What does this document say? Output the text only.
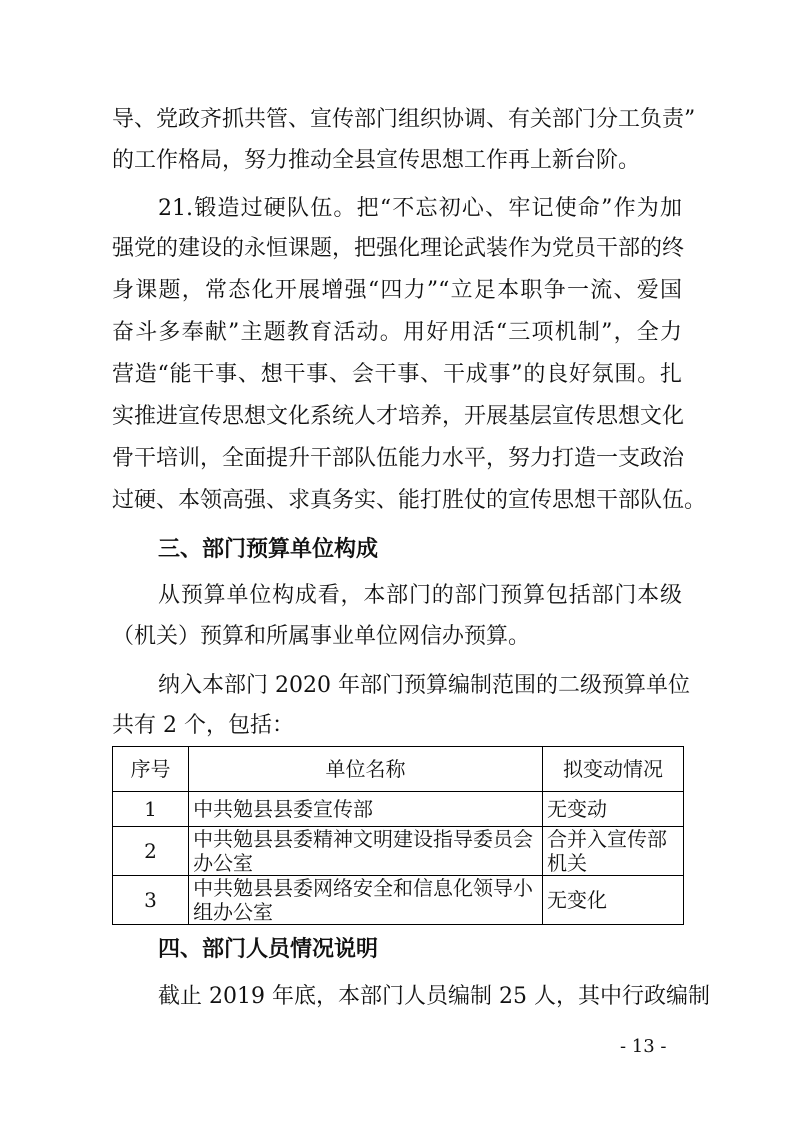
导、党政齐抓共管、宣传部门组织协调、有关部门分工负责”
的工作格局，努力推动全县宣传思想工作再上新台阶。
21.锻造过硬队伍。把“不忘初心、牢记使命”作为加
强党的建设的永恒课题，把强化理论武装作为党员干部的终
身课题，常态化开展增强“四力”“立足本职争一流、爱国
奋斗多奉献”主题教育活动。用好用活“三项机制”，全力
营造“能干事、想干事、会干事、干成事”的良好氛围。扎
实推进宣传思想文化系统人才培养，开展基层宣传思想文化
骨干培训，全面提升干部队伍能力水平，努力打造一支政治
过硬、本领高强、求真务实、能打胜仗的宣传思想干部队伍。
三、部门预算单位构成
从预算单位构成看，本部门的部门预算包括部门本级
（机关）预算和所属事业单位网信办预算。
纳入本部门 2020 年部门预算编制范围的二级预算单位
共有 2 个，包括：
序号	单位名称	拟变动情况
1	中共勉县县委宣传部	无变动
2	中共勉县县委精神文明建设指导委员会办公室	合并入宣传部机关
3	中共勉县县委网络安全和信息化领导小组办公室	无变化
四、部门人员情况说明
截止 2019 年底，本部门人员编制 25 人，其中行政编制
- 13 -
